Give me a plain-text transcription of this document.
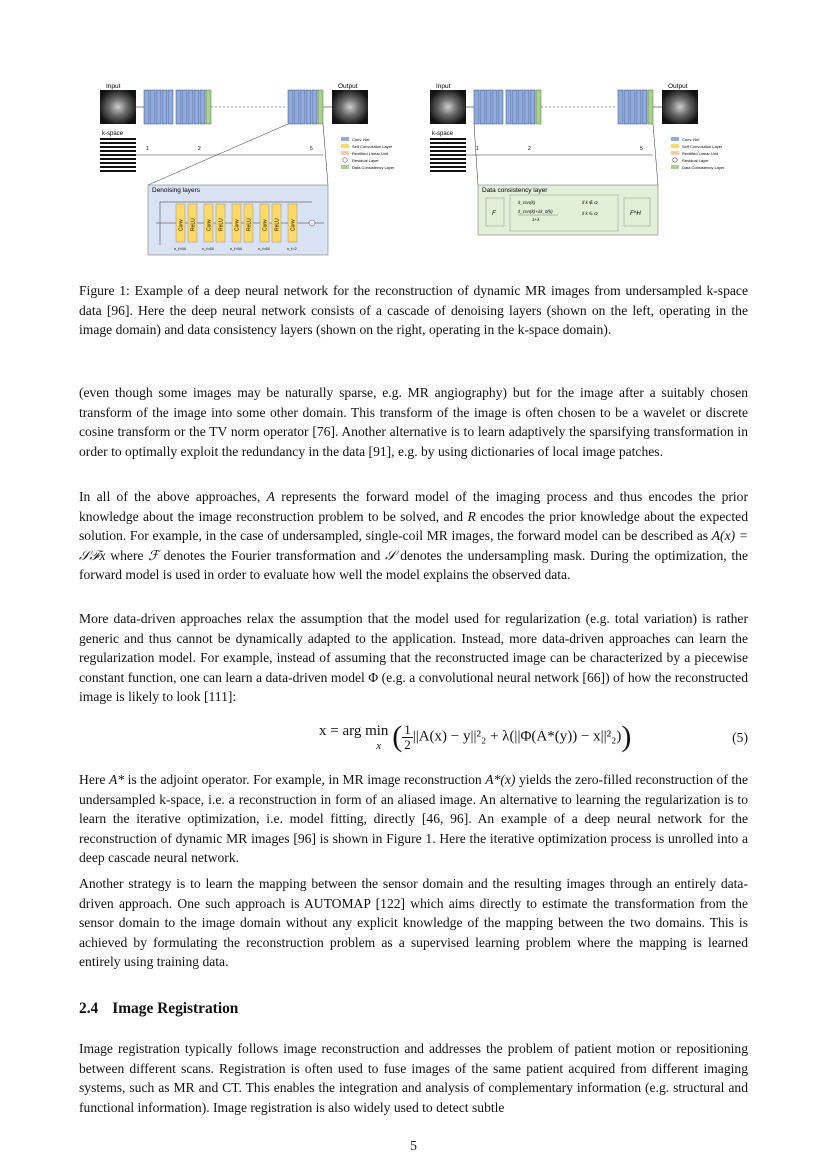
Input	Output
k-space
1	2	5
Conv. Net
Self Convolution Layer
Rectified Linear Unit
Residual Layer
Data Consistency Layer
Denoising layers
Conv ReLU Conv ReLU Conv ReLU Conv ReLU Conv
n_f=64	n_f=64	n_f=64	n_f=64	n_f=2
Input	Output
k-space
1	2	5
Conv. Net
Self Convolution Layer
Rectified Linear Unit
Residual Layer
Data Consistency Layer
Data consistency layer
F
x̂_cnn(k)
x̂_cnn(k)+λx̂_0(k)
1+λ
if k ∉ Ω
if k ∈ Ω	F^H

Figure 1: Example of a deep neural network for the reconstruction of dynamic MR images from undersampled k-space data [96]. Here the deep neural network consists of a cascade of denoising layers (shown on the left, operating in the image domain) and data consistency layers (shown on the right, operating in the k-space domain).

(even though some images may be naturally sparse, e.g. MR angiography) but for the image after a suitably chosen transform of the image into some other domain. This transform of the image is often chosen to be a wavelet or discrete cosine transform or the TV norm operator [76]. Another alternative is to learn adaptively the sparsifying transformation in order to optimally exploit the redundancy in the data [91], e.g. by using dictionaries of local image patches.

In all of the above approaches, A represents the forward model of the imaging process and thus encodes the prior knowledge about the image reconstruction problem to be solved, and R encodes the prior knowledge about the expected solution. For example, in the case of undersampled, single-coil MR images, the forward model can be described as A(x) = 𝒮ℱx where ℱ denotes the Fourier transformation and 𝒮 denotes the undersampling mask. During the optimization, the forward model is used in order to evaluate how well the model explains the observed data.

More data-driven approaches relax the assumption that the model used for regularization (e.g. total variation) is rather generic and thus cannot be dynamically adapted to the application. Instead, more data-driven approaches can learn the regularization model. For example, instead of assuming that the reconstructed image can be characterized by a piecewise constant function, one can learn a data-driven model Φ (e.g. a convolutional neural network [66]) of how the reconstructed image is likely to look [111]:

x = arg min
x ( $\frac{1}{2} ||A(x) - y||^2_2 + \lambda(||\Phi(A*(y)) - x||^2_2)$)	(5)

Here A* is the adjoint operator. For example, in MR image reconstruction A*(x) yields the zero-filled reconstruction of the undersampled k-space, i.e. a reconstruction in form of an aliased image. An alternative to learning the regularization is to learn the iterative optimization, i.e. model fitting, directly [46, 96]. An example of a deep neural network for the reconstruction of dynamic MR images [96] is shown in Figure 1. Here the iterative optimization process is unrolled into a deep cascade neural network.

Another strategy is to learn the mapping between the sensor domain and the resulting images through an entirely data-driven approach. One such approach is AUTOMAP [122] which aims directly to estimate the transformation from the sensor domain to the image domain without any explicit knowledge of the mapping between the two domains. This is achieved by formulating the reconstruction problem as a supervised learning problem where the mapping is learned entirely using training data.

2.4 Image Registration

Image registration typically follows image reconstruction and addresses the problem of patient motion or repositioning between different scans. Registration is often used to fuse images of the same patient acquired from different imaging systems, such as MR and CT. This enables the integration and analysis of complementary information (e.g. structural and functional information). Image registration is also widely used to detect subtle

5
